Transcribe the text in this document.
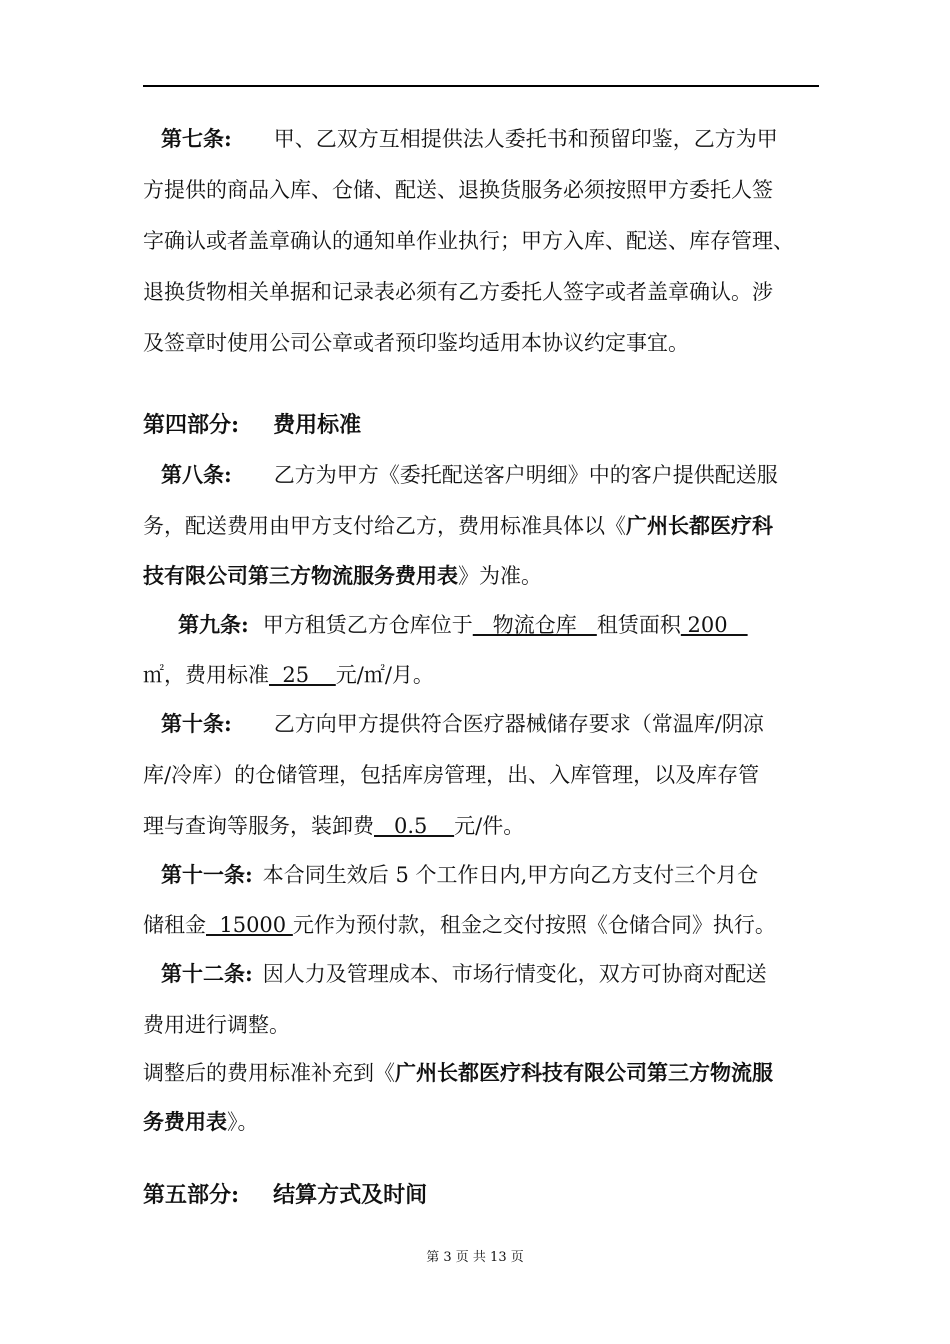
第七条: 甲、乙双方互相提供法人委托书和预留印鉴，乙方为甲
方提供的商品入库、仓储、配送、退换货服务必须按照甲方委托人签
字确认或者盖章确认的通知单作业执行；甲方入库、配送、库存管理、
退换货物相关单据和记录表必须有乙方委托人签字或者盖章确认。涉
及签章时使用公司公章或者预印鉴均适用本协议约定事宜。
第四部分: 费用标准
第八条: 乙方为甲方《委托配送客户明细》中的客户提供配送服
务，配送费用由甲方支付给乙方，费用标准具体以《广州长都医疗科
技有限公司第三方物流服务费用表》为准。
第九条: 甲方租赁乙方仓库位于   物流仓库   租赁面积 200
㎡，费用标准  25    元/㎡/月。
第十条: 乙方向甲方提供符合医疗器械储存要求（常温库/阴凉
库/冷库）的仓储管理，包括库房管理，出、入库管理，以及库存管
理与查询等服务，装卸费   0.5    元/件。
第十一条: 本合同生效后 5 个工作日内,甲方向乙方支付三个月仓
储租金  15000 元作为预付款，租金之交付按照《仓储合同》执行。
第十二条: 因人力及管理成本、市场行情变化，双方可协商对配送
费用进行调整。
调整后的费用标准补充到《广州长都医疗科技有限公司第三方物流服
务费用表》。
第五部分: 结算方式及时间
第 3 页 共 13 页
